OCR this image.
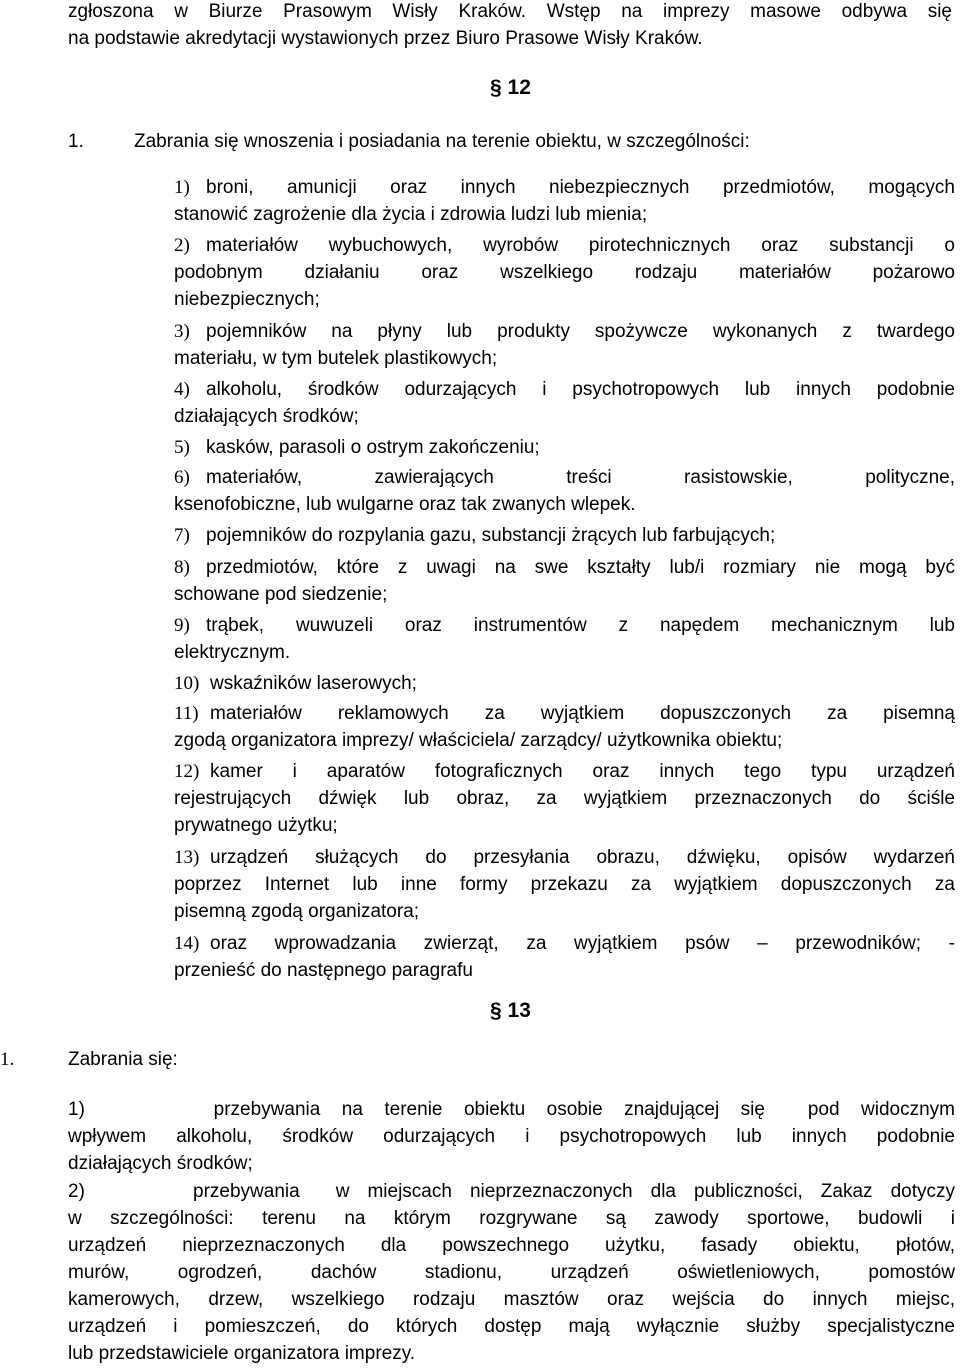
zgłoszona w Biurze Prasowym Wisły Kraków. Wstęp na imprezy masowe odbywa się
na podstawie akredytacji wystawionych przez Biuro Prasowe Wisły Kraków.
§ 12
1.	Zabrania się wnoszenia i posiadania na terenie obiektu, w szczególności:
1) broni, amunicji oraz innych niebezpiecznych przedmiotów, mogących
stanowić zagrożenie dla życia i zdrowia ludzi lub mienia;
2) materiałów wybuchowych, wyrobów pirotechnicznych oraz substancji o
podobnym działaniu oraz wszelkiego rodzaju materiałów pożarowo
niebezpiecznych;
3) pojemników na płyny lub produkty spożywcze wykonanych z twardego
materiału, w tym butelek plastikowych;
4) alkoholu, środków odurzających i psychotropowych lub innych podobnie
działających środków;
5) kasków, parasoli o ostrym zakończeniu;
6) materiałów, zawierających treści rasistowskie, polityczne,
ksenofobiczne, lub wulgarne oraz tak zwanych wlepek.
7) pojemników do rozpylania gazu, substancji żrących lub farbujących;
8) przedmiotów, które z uwagi na swe kształty lub/i rozmiary nie mogą być
schowane pod siedzenie;
9) trąbek, wuwuzeli oraz instrumentów z napędem mechanicznym lub
elektrycznym.
10) wskaźników laserowych;
11) materiałów reklamowych za wyjątkiem dopuszczonych za pisemną
zgodą organizatora imprezy/ właściciela/ zarządcy/ użytkownika obiektu;
12) kamer i aparatów fotograficznych oraz innych tego typu urządzeń
rejestrujących dźwięk lub obraz, za wyjątkiem przeznaczonych do ściśle
prywatnego użytku;
13) urządzeń służących do przesyłania obrazu, dźwięku, opisów wydarzeń
poprzez Internet lub inne formy przekazu za wyjątkiem dopuszczonych za
pisemną zgodą organizatora;
14) oraz wprowadzania zwierząt, za wyjątkiem psów – przewodników; -
przenieść do następnego paragrafu
§ 13
1.	Zabrania się:
1)      przebywania na terenie obiektu osobie znajdującej się  pod widocznym
wpływem alkoholu, środków odurzających i psychotropowych lub innych podobnie
działających środków;
2)      przebywania  w miejscach nieprzeznaczonych dla publiczności, Zakaz dotyczy
w szczególności: terenu na którym rozgrywane są zawody sportowe, budowli i
urządzeń nieprzeznaczonych dla powszechnego użytku, fasady obiektu, płotów,
murów, ogrodzeń, dachów stadionu, urządzeń oświetleniowych, pomostów
kamerowych, drzew, wszelkiego rodzaju masztów oraz wejścia do innych miejsc,
urządzeń i pomieszczeń, do których dostęp mają wyłącznie służby specjalistyczne
lub przedstawiciele organizatora imprezy.
